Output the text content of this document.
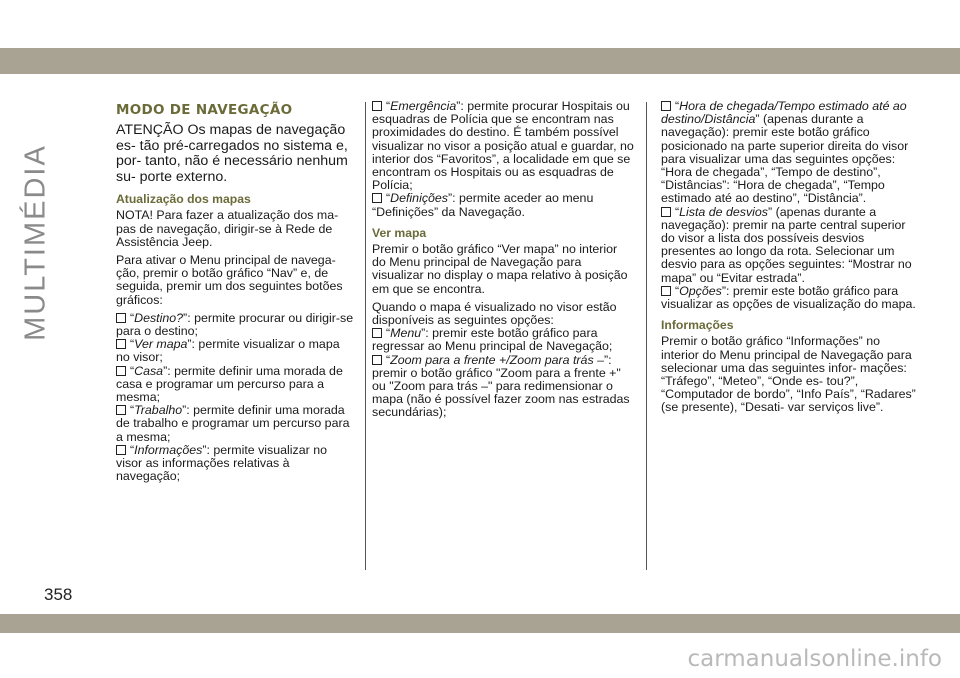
MULTIMÉDIA
MODO DE NAVEGAÇÃO

ATENÇÃO Os mapas de navegação es- tão pré-carregados no sistema e, por- tanto, não é necessário nenhum su- porte externo.

Atualização dos mapas

NOTA! Para fazer a atualização dos ma- pas de navegação, dirigir-se à Rede de Assistência Jeep.

Para ativar o Menu principal de navega- ção, premir o botão gráfico “Nav” e, de seguida, premir um dos seguintes botões gráficos:

“Destino?”: permite procurar ou dirigir-se para o destino;
“Ver mapa”: permite visualizar o mapa no visor;
“Casa”: permite definir uma morada de casa e programar um percurso para a mesma;
“Trabalho”: permite definir uma morada de trabalho e programar um percurso para a mesma;
“Informações”: permite visualizar no visor as informações relativas à navegação;
“Emergência”: permite procurar Hospitais ou esquadras de Polícia que se encontram nas proximidades do destino. É também possível visualizar no visor a posição atual e guardar, no interior dos “Favoritos”, a localidade em que se encontram os Hospitais ou as esquadras de Polícia;
“Definições”: permite aceder ao menu “Definições” da Navegação.
Ver mapa

Premir o botão gráfico “Ver mapa” no interior do Menu principal de Navegação para visualizar no display o mapa relativo à posição em que se encontra.

Quando o mapa é visualizado no visor estão disponíveis as seguintes opções:

“Menu”: premir este botão gráfico para regressar ao Menu principal de Navegação;
“Zoom para a frente +/Zoom para trás –”: premir o botão gráfico "Zoom para a frente +" ou "Zoom para trás –" para redimensionar o mapa (não é possível fazer zoom nas estradas secundárias);
“Hora de chegada/Tempo estimado até ao destino/Distância” (apenas durante a navegação): premir este botão gráfico posicionado na parte superior direita do visor para visualizar uma das seguintes opções: “Hora de chegada”, “Tempo de destino”, “Distâncias”: “Hora de chegada”, “Tempo estimado até ao destino”, “Distância”.
“Lista de desvios” (apenas durante a navegação): premir na parte central superior do visor a lista dos possíveis desvios presentes ao longo da rota. Selecionar um desvio para as opções seguintes: “Mostrar no mapa” ou “Evitar estrada”.
“Opções”: premir este botão gráfico para visualizar as opções de visualização do mapa.
Informações

Premir o botão gráfico “Informações” no interior do Menu principal de Navegação para selecionar uma das seguintes infor- mações: “Tráfego”, “Meteo”, “Onde es- tou?”, “Computador de bordo”, “Info País”, “Radares” (se presente), “Desati- var serviços live”.

358
carmanualsonline.info
